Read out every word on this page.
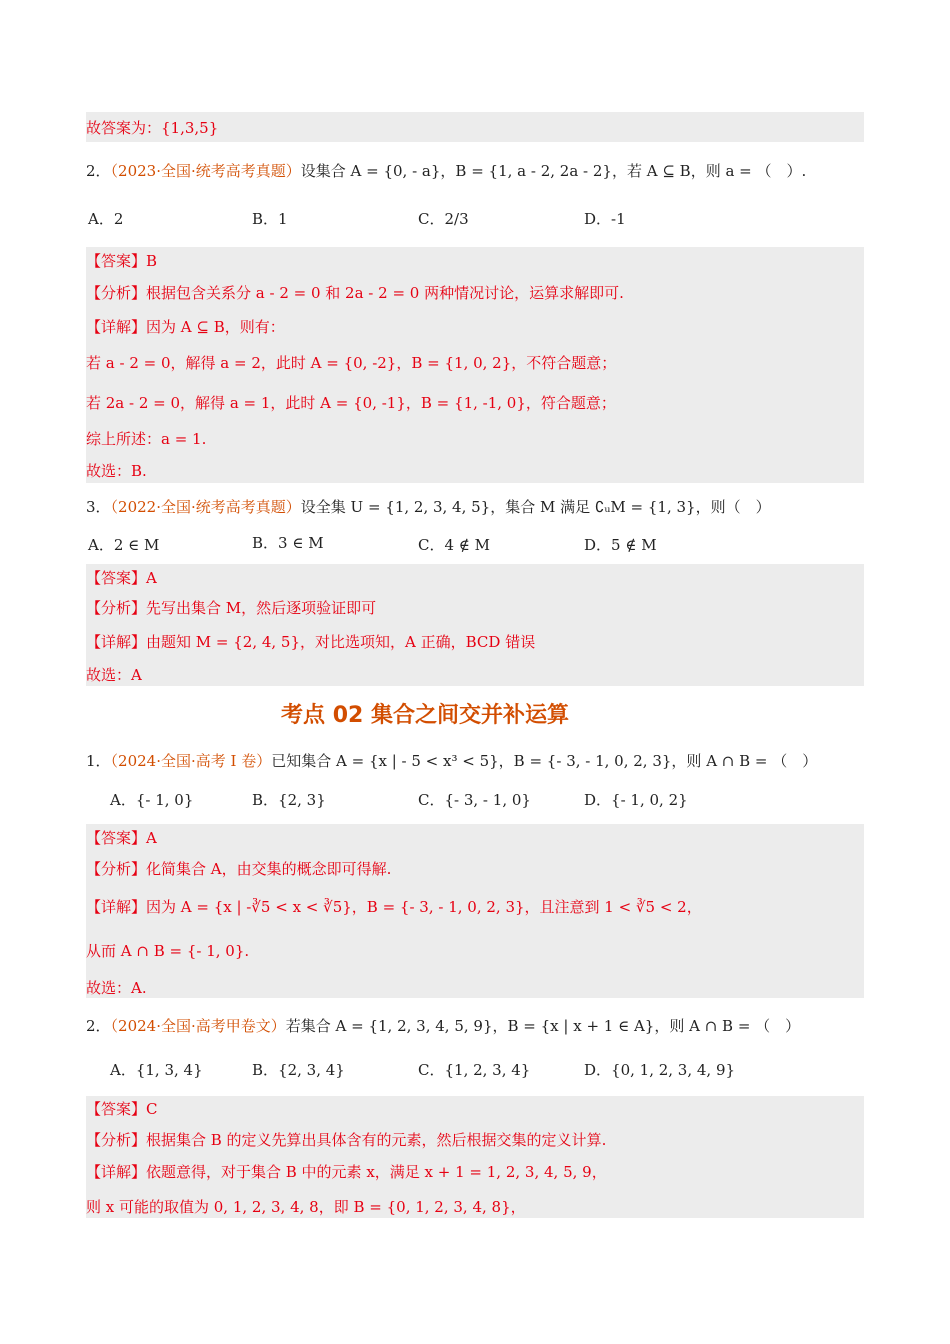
故答案为：{1,3,5}
2．（2023·全国·统考高考真题）设集合 A = {0, - a}，B = {1, a - 2, 2a - 2}，若 A ⊆ B，则 a = （　）.
A．2	B．1	C．2/3	D．-1
【答案】B
【分析】根据包含关系分 a - 2 = 0 和 2a - 2 = 0 两种情况讨论，运算求解即可.
【详解】因为 A ⊆ B，则有：
若 a - 2 = 0，解得 a = 2，此时 A = {0, -2}，B = {1, 0, 2}，不符合题意；
若 2a - 2 = 0，解得 a = 1，此时 A = {0, -1}，B = {1, -1, 0}，符合题意；
综上所述：a = 1.
故选：B.
3．（2022·全国·统考高考真题）设全集 U = {1, 2, 3, 4, 5}，集合 M 满足 ∁ᵤM = {1, 3}，则（　）
A．2 ∈ M	B．3 ∈ M	C．4 ∉ M	D．5 ∉ M
【答案】A
【分析】先写出集合 M，然后逐项验证即可
【详解】由题知 M = {2, 4, 5}，对比选项知，A 正确，BCD 错误
故选：A
考点 02 集合之间交并补运算
1．（2024·全国·高考 I 卷）已知集合 A = {x | - 5 < x³ < 5}，B = {- 3, - 1, 0, 2, 3}，则 A ∩ B = （　）
A．{- 1, 0}	B．{2, 3}	C．{- 3, - 1, 0}	D．{- 1, 0, 2}
【答案】A
【分析】化简集合 A，由交集的概念即可得解.
【详解】因为 A = {x | -∛5 < x < ∛5}，B = {- 3, - 1, 0, 2, 3}，且注意到 1 < ∛5 < 2，
从而 A ∩ B = {- 1, 0}.
故选：A.
2．（2024·全国·高考甲卷文）若集合 A = {1, 2, 3, 4, 5, 9}，B = {x | x + 1 ∈ A}，则 A ∩ B = （　）
A．{1, 3, 4}	B．{2, 3, 4}	C．{1, 2, 3, 4}	D．{0, 1, 2, 3, 4, 9}
【答案】C
【分析】根据集合 B 的定义先算出具体含有的元素，然后根据交集的定义计算.
【详解】依题意得，对于集合 B 中的元素 x，满足 x + 1 = 1, 2, 3, 4, 5, 9，
则 x 可能的取值为 0, 1, 2, 3, 4, 8，即 B = {0, 1, 2, 3, 4, 8}，
